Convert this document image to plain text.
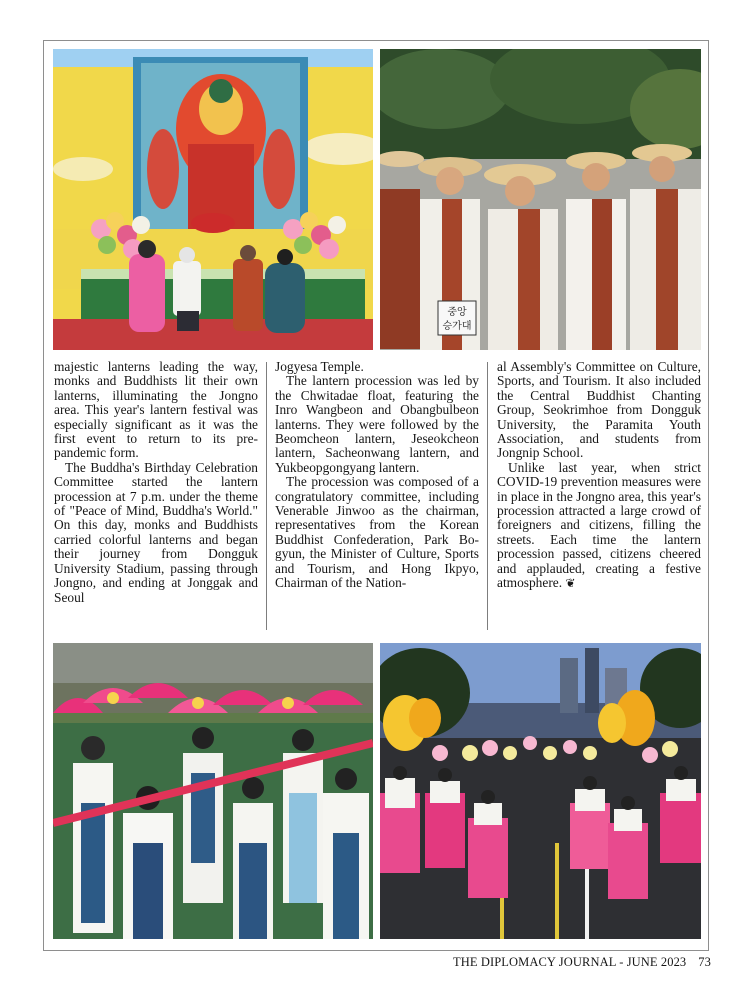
중앙
승가대

majestic lanterns leading the way, monks and Buddhists lit their own lanterns, illuminating the Jongno area. This year's lantern festival was especially significant as it was the first event to return to its pre-pandemic form.

The Buddha's Birthday Celebration Committee started the lantern procession at 7 p.m. under the theme of "Peace of Mind, Buddha's World." On this day, monks and Buddhists carried colorful lanterns and began their journey from Dongguk University Stadium, passing through Jongno, and ending at Jonggak and Seoul

Jogyesa Temple.

The lantern procession was led by the Chwitadae float, featuring the Inro Wangbeon and Obangbulbeon lanterns. They were followed by the Beomcheon lantern, Jeseokcheon lantern, Sacheonwang lantern, and Yukbeopgongyang lantern.

The procession was composed of a congratulatory committee, including Venerable Jinwoo as the chairman, representatives from the Korean Buddhist Confederation, Park Bo-gyun, the Minister of Culture, Sports and Tourism, and Hong Ikpyo, Chairman of the Nation-

al Assembly's Committee on Culture, Sports, and Tourism. It also included the Central Buddhist Chanting Group, Seokrimhoe from Dongguk University, the Paramita Youth Association, and students from Jongnip School.

Unlike last year, when strict COVID-19 prevention measures were in place in the Jongno area, this year's procession attracted a large crowd of foreigners and citizens, filling the streets. Each time the lantern procession passed, citizens cheered and applauded, creating a festive atmosphere. ❦

THE DIPLOMACY JOURNAL - JUNE 2023 73
